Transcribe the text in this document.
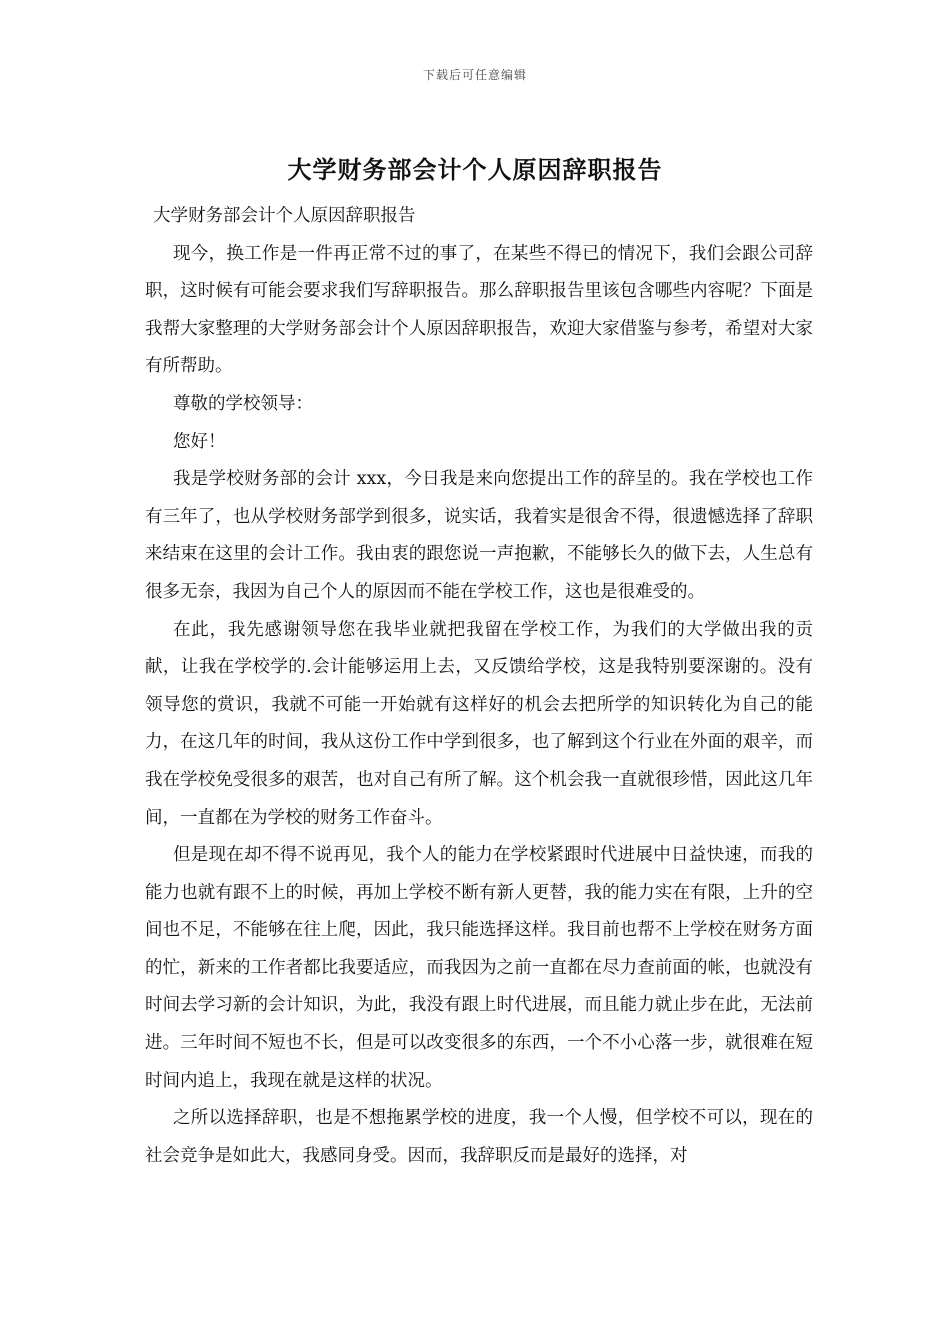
下载后可任意编辑
大学财务部会计个人原因辞职报告

大学财务部会计个人原因辞职报告

现今，换工作是一件再正常不过的事了，在某些不得已的情况下，我们会跟公司辞职，这时候有可能会要求我们写辞职报告。那么辞职报告里该包含哪些内容呢？下面是我帮大家整理的大学财务部会计个人原因辞职报告，欢迎大家借鉴与参考，希望对大家有所帮助。

尊敬的学校领导：

您好！

我是学校财务部的会计 xxx，今日我是来向您提出工作的辞呈的。我在学校也工作有三年了，也从学校财务部学到很多，说实话，我着实是很舍不得，很遗憾选择了辞职来结束在这里的会计工作。我由衷的跟您说一声抱歉，不能够长久的做下去，人生总有很多无奈，我因为自己个人的原因而不能在学校工作，这也是很难受的。

在此，我先感谢领导您在我毕业就把我留在学校工作，为我们的大学做出我的贡献，让我在学校学的.会计能够运用上去，又反馈给学校，这是我特别要深谢的。没有领导您的赏识，我就不可能一开始就有这样好的机会去把所学的知识转化为自己的能力，在这几年的时间，我从这份工作中学到很多，也了解到这个行业在外面的艰辛，而我在学校免受很多的艰苦，也对自己有所了解。这个机会我一直就很珍惜，因此这几年间，一直都在为学校的财务工作奋斗。

但是现在却不得不说再见，我个人的能力在学校紧跟时代进展中日益快速，而我的能力也就有跟不上的时候，再加上学校不断有新人更替，我的能力实在有限，上升的空间也不足，不能够在往上爬，因此，我只能选择这样。我目前也帮不上学校在财务方面的忙，新来的工作者都比我要适应，而我因为之前一直都在尽力查前面的帐，也就没有时间去学习新的会计知识，为此，我没有跟上时代进展，而且能力就止步在此，无法前进。三年时间不短也不长，但是可以改变很多的东西，一个不小心落一步，就很难在短时间内追上，我现在就是这样的状况。

之所以选择辞职，也是不想拖累学校的进度，我一个人慢，但学校不可以，现在的社会竞争是如此大，我感同身受。因而，我辞职反而是最好的选择，对
